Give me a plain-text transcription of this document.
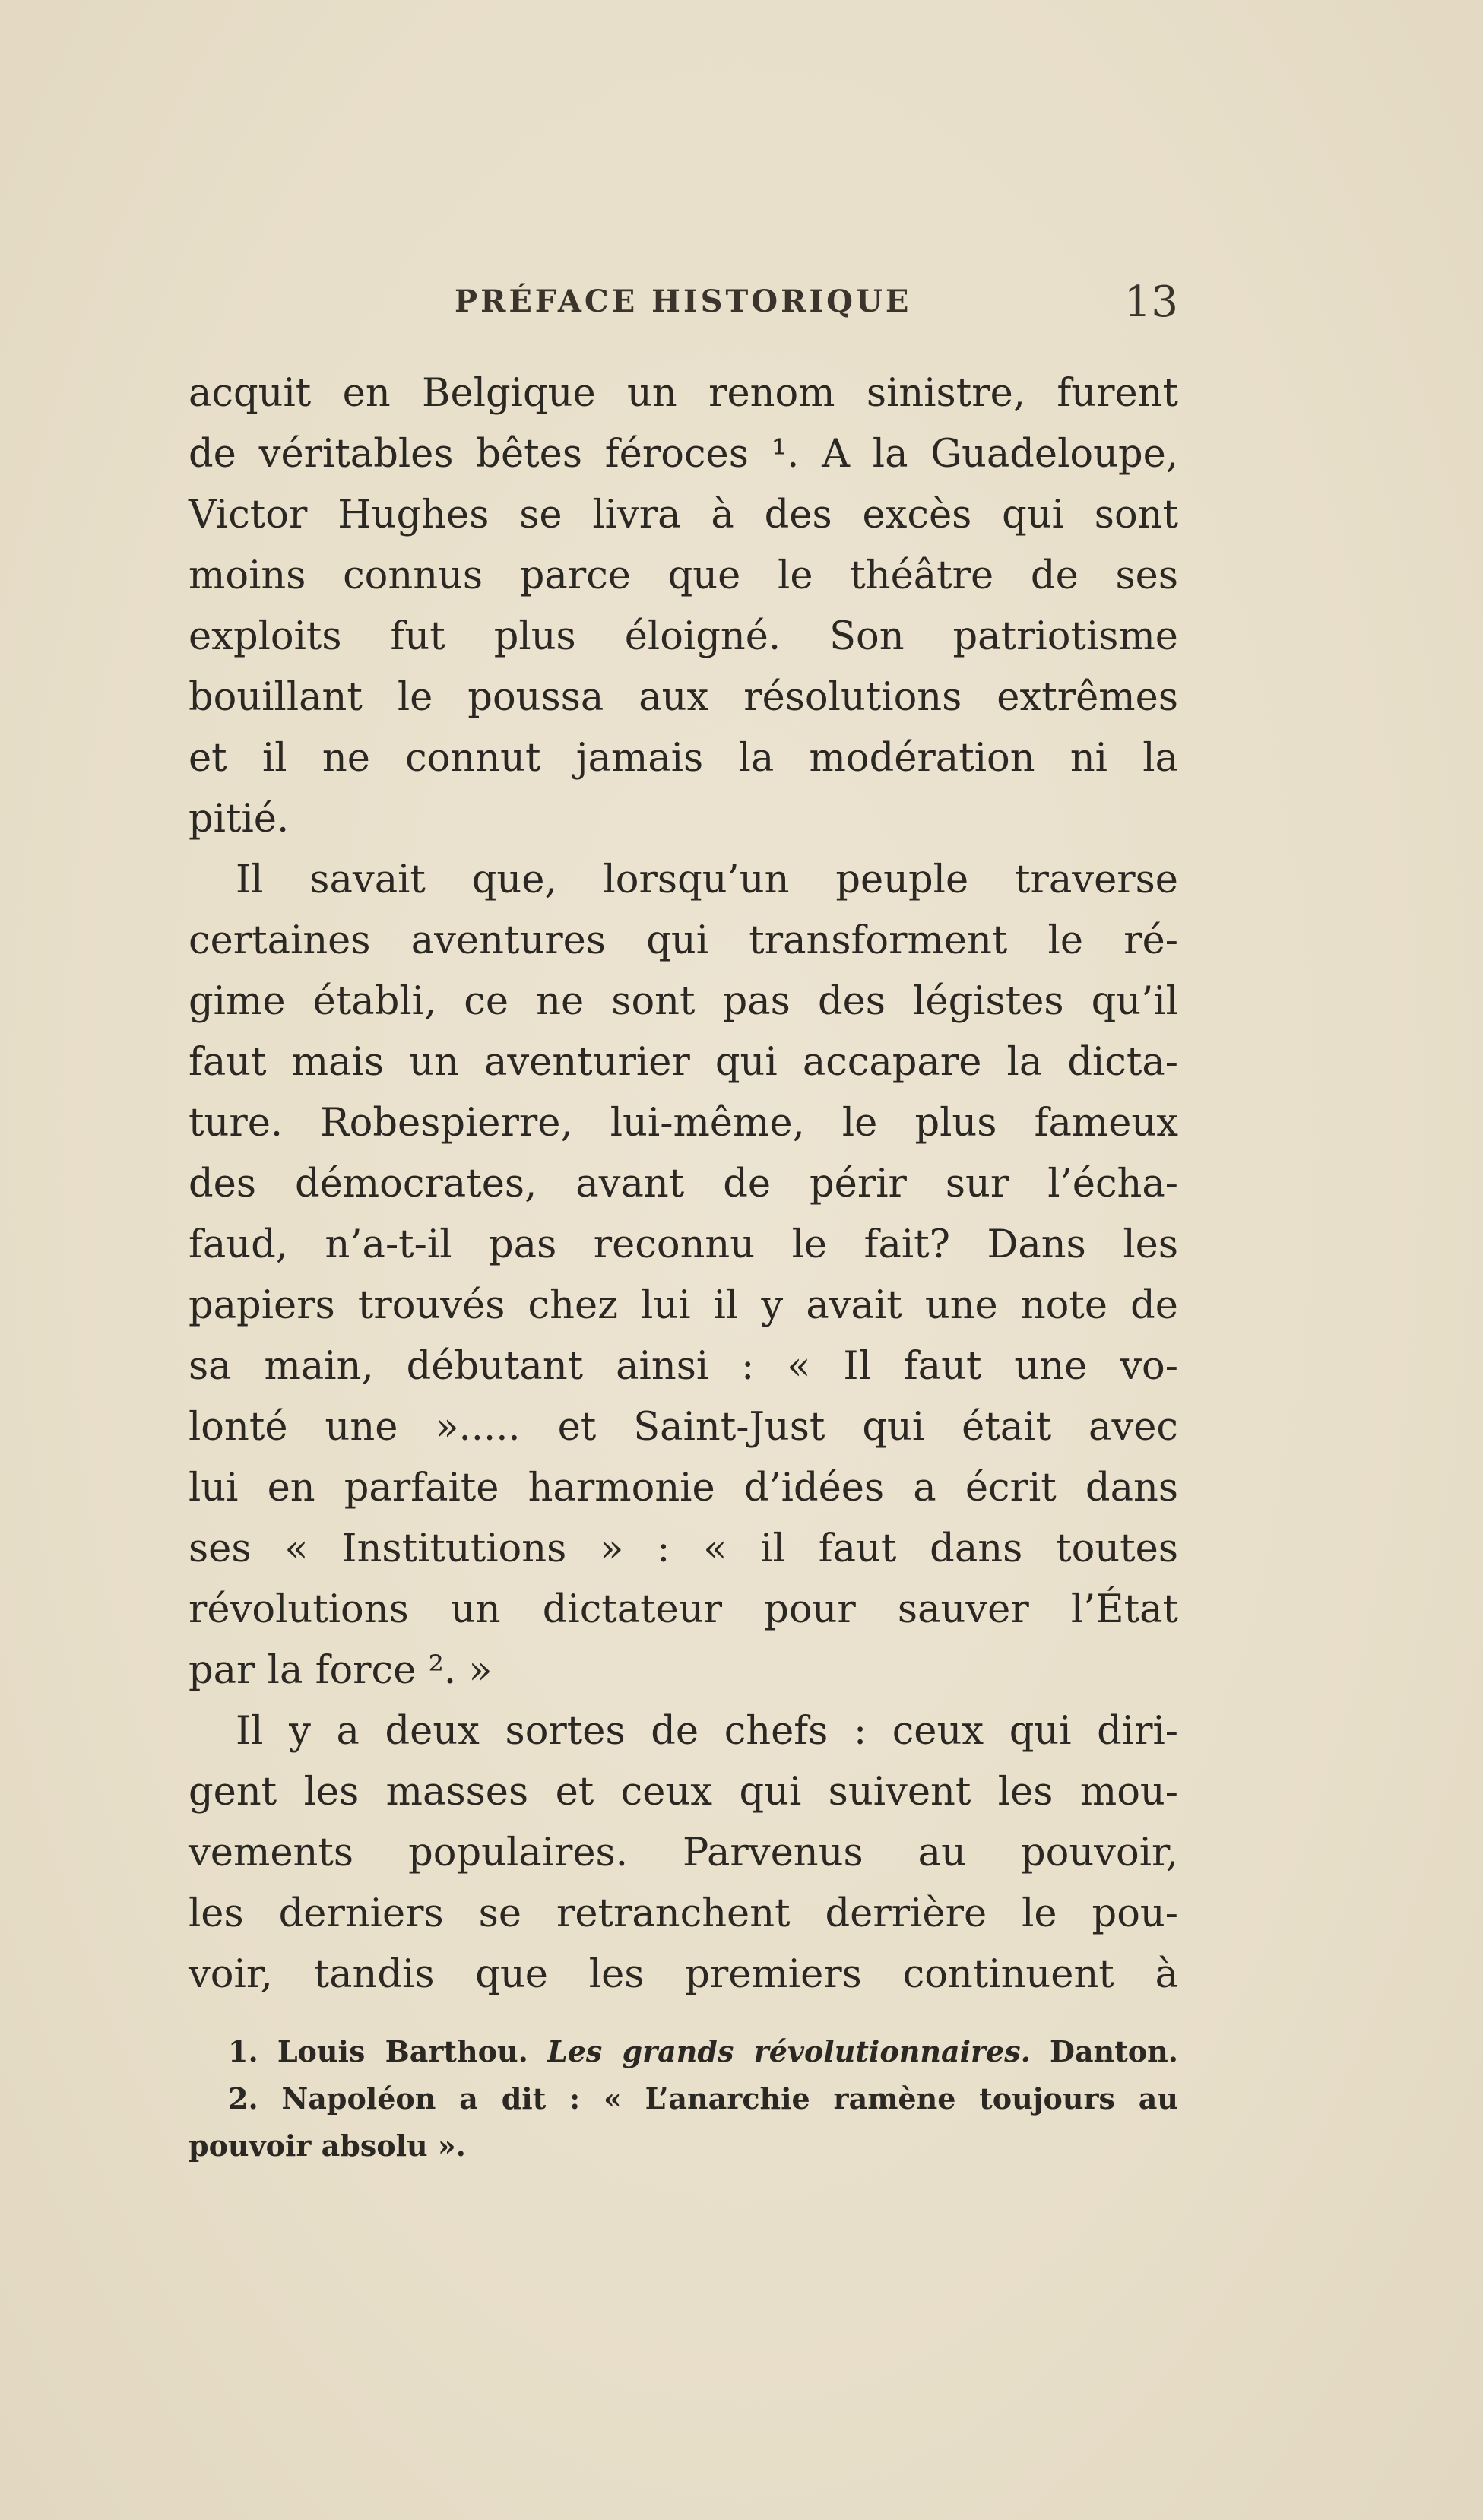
PRÉFACE HISTORIQUE	13
acquit en Belgique un renom sinistre, furent
de véritables bêtes féroces ¹. A la Guadeloupe,
Victor Hughes se livra à des excès qui sont
moins connus parce que le théâtre de ses
exploits fut plus éloigné. Son patriotisme
bouillant le poussa aux résolutions extrêmes
et il ne connut jamais la modération ni la
pitié.
Il savait que, lorsqu’un peuple traverse
certaines aventures qui transforment le ré-
gime établi, ce ne sont pas des légistes qu’il
faut mais un aventurier qui accapare la dicta-
ture. Robespierre, lui-même, le plus fameux
des démocrates, avant de périr sur l’écha-
faud, n’a-t-il pas reconnu le fait? Dans les
papiers trouvés chez lui il y avait une note de
sa main, débutant ainsi : « Il faut une vo-
lonté une »..... et Saint-Just qui était avec
lui en parfaite harmonie d’idées a écrit dans
ses « Institutions » : « il faut dans toutes
révolutions un dictateur pour sauver l’État
par la force ². »
Il y a deux sortes de chefs : ceux qui diri-
gent les masses et ceux qui suivent les mou-
vements populaires. Parvenus au pouvoir,
les derniers se retranchent derrière le pou-
voir, tandis que les premiers continuent à
1. Louis Barthou. Les grands révolutionnaires. Danton.
2. Napoléon a dit : « L’anarchie ramène toujours au
pouvoir absolu ».
